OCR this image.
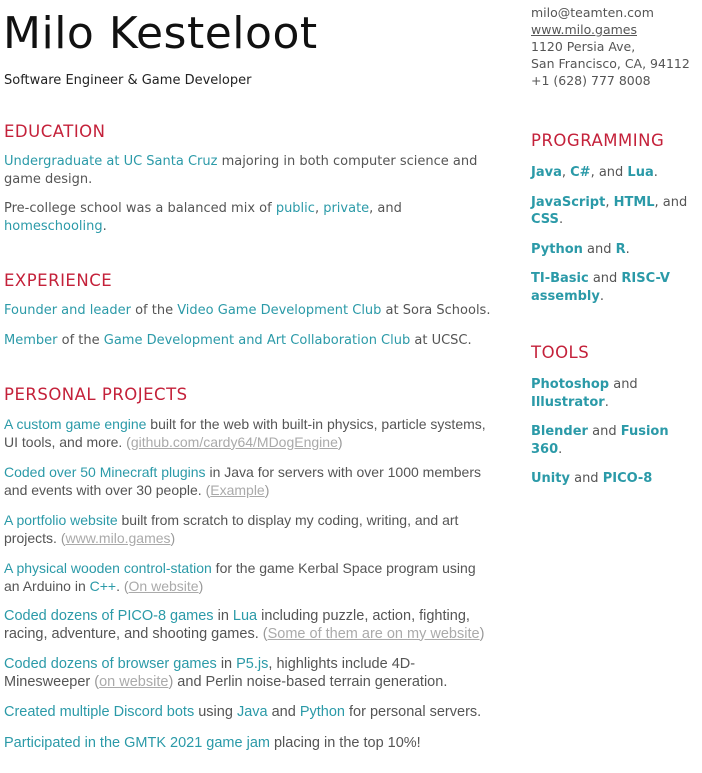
Milo Kesteloot
Software Engineer & Game Developer
milo@teamten.com
www.milo.games
1120 Persia Ave,
San Francisco, CA, 94112
+1 (628) 777 8008
EDUCATION

Undergraduate at UC Santa Cruz majoring in both computer science and game design.

Pre-college school was a balanced mix of public, private, and homeschooling.

EXPERIENCE

Founder and leader of the Video Game Development Club at Sora Schools.

Member of the Game Development and Art Collaboration Club at UCSC.

PERSONAL PROJECTS

A custom game engine built for the web with built-in physics, particle systems, UI tools, and more. (github.com/cardy64/MDogEngine)

Coded over 50 Minecraft plugins in Java for servers with over 1000 members and events with over 30 people. (Example)

A portfolio website built from scratch to display my coding, writing, and art projects. (www.milo.games)

A physical wooden control-station for the game Kerbal Space program using an Arduino in C++. (On website)

Coded dozens of PICO-8 games in Lua including puzzle, action, fighting, racing, adventure, and shooting games. (Some of them are on my website)

Coded dozens of browser games in P5.js, highlights include 4D-Minesweeper (on website) and Perlin noise-based terrain generation.

Created multiple Discord bots using Java and Python for personal servers.

Participated in the GMTK 2021 game jam placing in the top 10%!

PROGRAMMING

Java, C#, and Lua.

JavaScript, HTML, and CSS.

Python and R.

TI-Basic and RISC-V assembly.

TOOLS

Photoshop and Illustrator.

Blender and Fusion 360.

Unity and PICO-8
